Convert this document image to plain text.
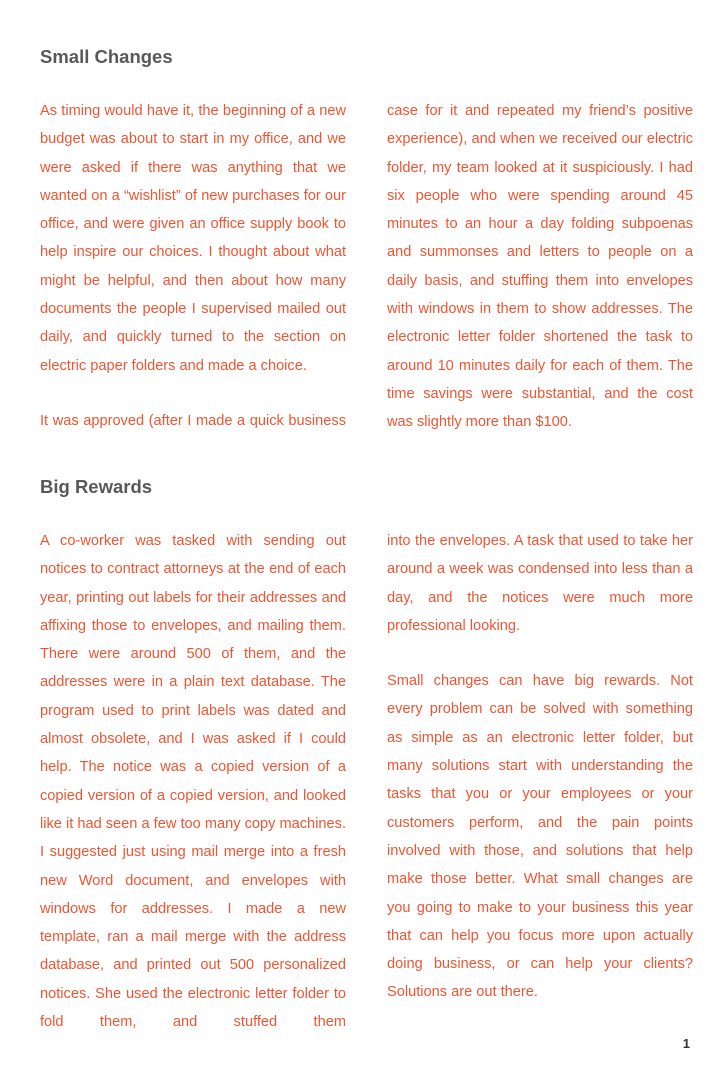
Small Changes

As timing would have it, the beginning of a new budget was about to start in my office, and we were asked if there was anything that we wanted on a “wishlist” of new purchases for our office, and were given an office supply book to help inspire our choices. I thought about what might be helpful, and then about how many documents the people I supervised mailed out daily, and quickly turned to the section on electric paper folders and made a choice.

It was approved (after I made a quick business

case for it and repeated my friend’s positive experience), and when we received our electric folder, my team looked at it suspiciously. I had six people who were spending around 45 minutes to an hour a day folding subpoenas and summonses and letters to people on a daily basis, and stuffing them into envelopes with windows in them to show addresses. The electronic letter folder shortened the task to around 10 minutes daily for each of them. The time savings were substantial, and the cost was slightly more than $100.

Big Rewards

A co-worker was tasked with sending out notices to contract attorneys at the end of each year, printing out labels for their addresses and affixing those to envelopes, and mailing them. There were around 500 of them, and the addresses were in a plain text database. The program used to print labels was dated and almost obsolete, and I was asked if I could help. The notice was a copied version of a copied version of a copied version, and looked like it had seen a few too many copy machines. I suggested just using mail merge into a fresh new Word document, and envelopes with windows for addresses. I made a new template, ran a mail merge with the address database, and printed out 500 personalized notices. She used the electronic letter folder to fold them, and stuffed them

into the envelopes. A task that used to take her around a week was condensed into less than a day, and the notices were much more professional looking.

Small changes can have big rewards. Not every problem can be solved with something as simple as an electronic letter folder, but many solutions start with understanding the tasks that you or your employees or your customers perform, and the pain points involved with those, and solutions that help make those better. What small changes are you going to make to your business this year that can help you focus more upon actually doing business, or can help your clients? Solutions are out there.

1
